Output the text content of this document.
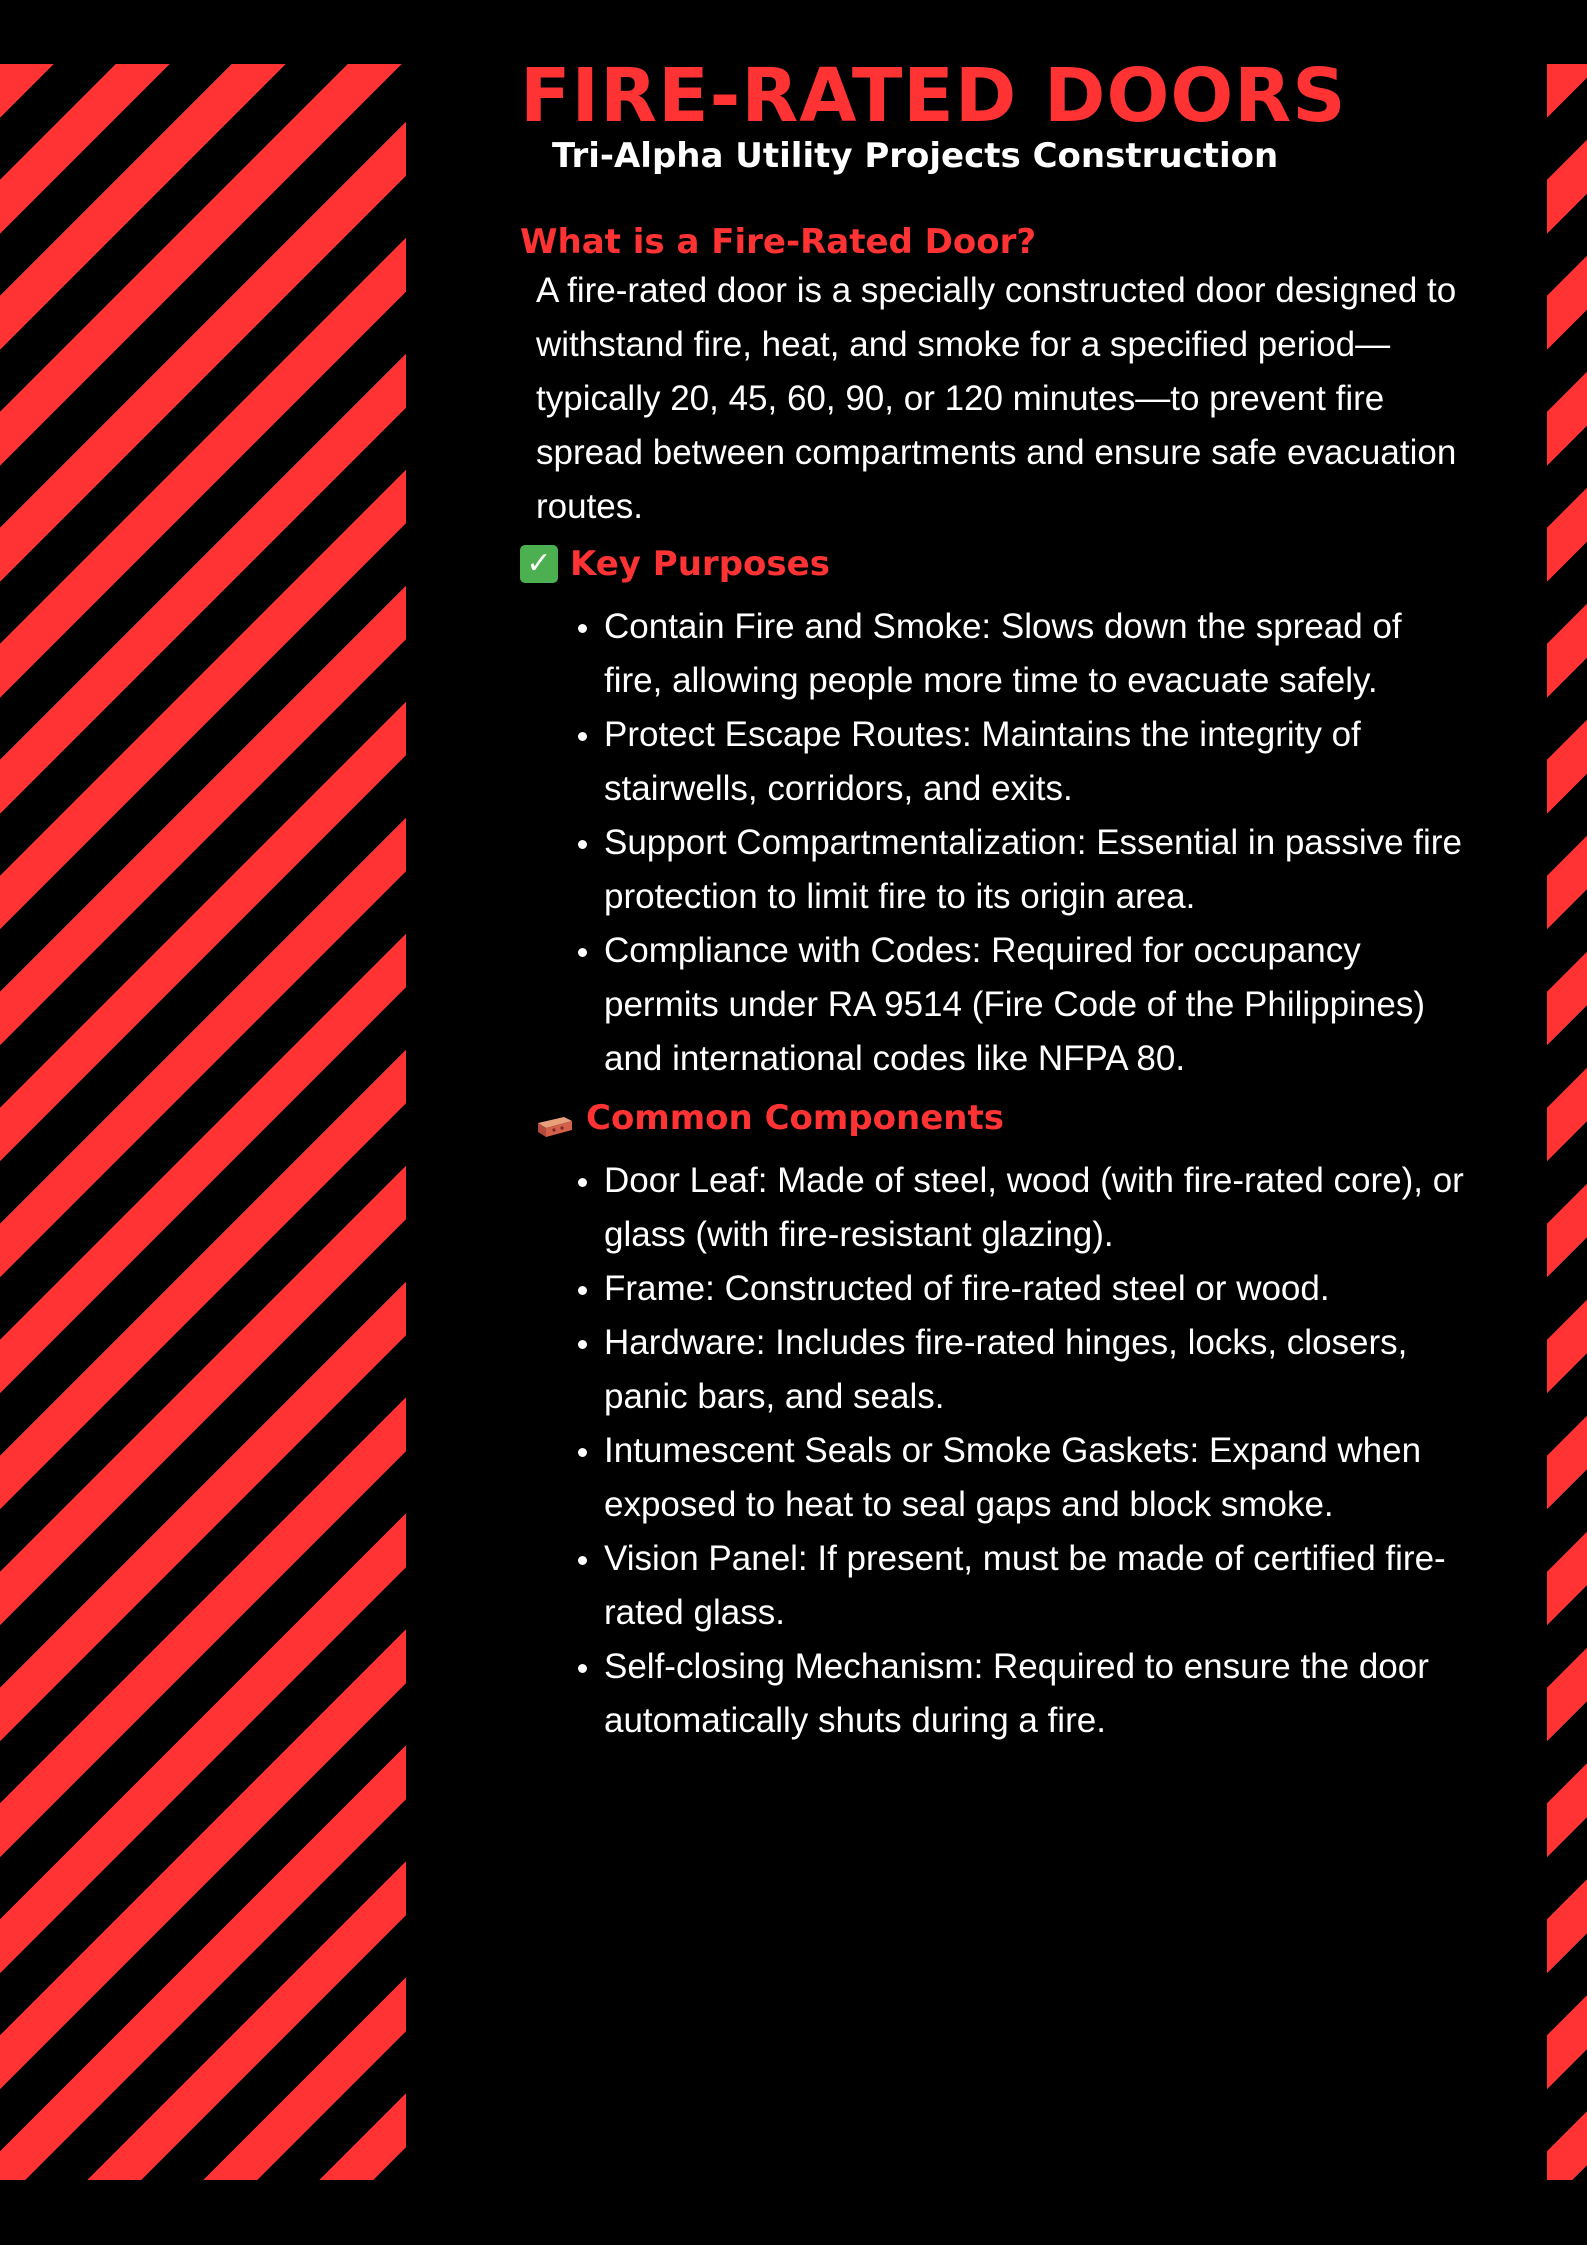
FIRE-RATED DOORS
Tri-Alpha Utility Projects Construction
What is a Fire-Rated Door?

A fire-rated door is a specially constructed door designed to withstand fire, heat, and smoke for a specified period—typically 20, 45, 60, 90, or 120 minutes—to prevent fire spread between compartments and ensure safe evacuation routes.

✓ Key Purposes
Contain Fire and Smoke: Slows down the spread of fire, allowing people more time to evacuate safely.
Protect Escape Routes: Maintains the integrity of stairwells, corridors, and exits.
Support Compartmentalization: Essential in passive fire protection to limit fire to its origin area.
Compliance with Codes: Required for occupancy permits under RA 9514 (Fire Code of the Philippines) and international codes like NFPA 80.
Common Components
Door Leaf: Made of steel, wood (with fire-rated core), or glass (with fire-resistant glazing).
Frame: Constructed of fire-rated steel or wood.
Hardware: Includes fire-rated hinges, locks, closers, panic bars, and seals.
Intumescent Seals or Smoke Gaskets: Expand when exposed to heat to seal gaps and block smoke.
Vision Panel: If present, must be made of certified fire-rated glass.
Self-closing Mechanism: Required to ensure the door automatically shuts during a fire.
